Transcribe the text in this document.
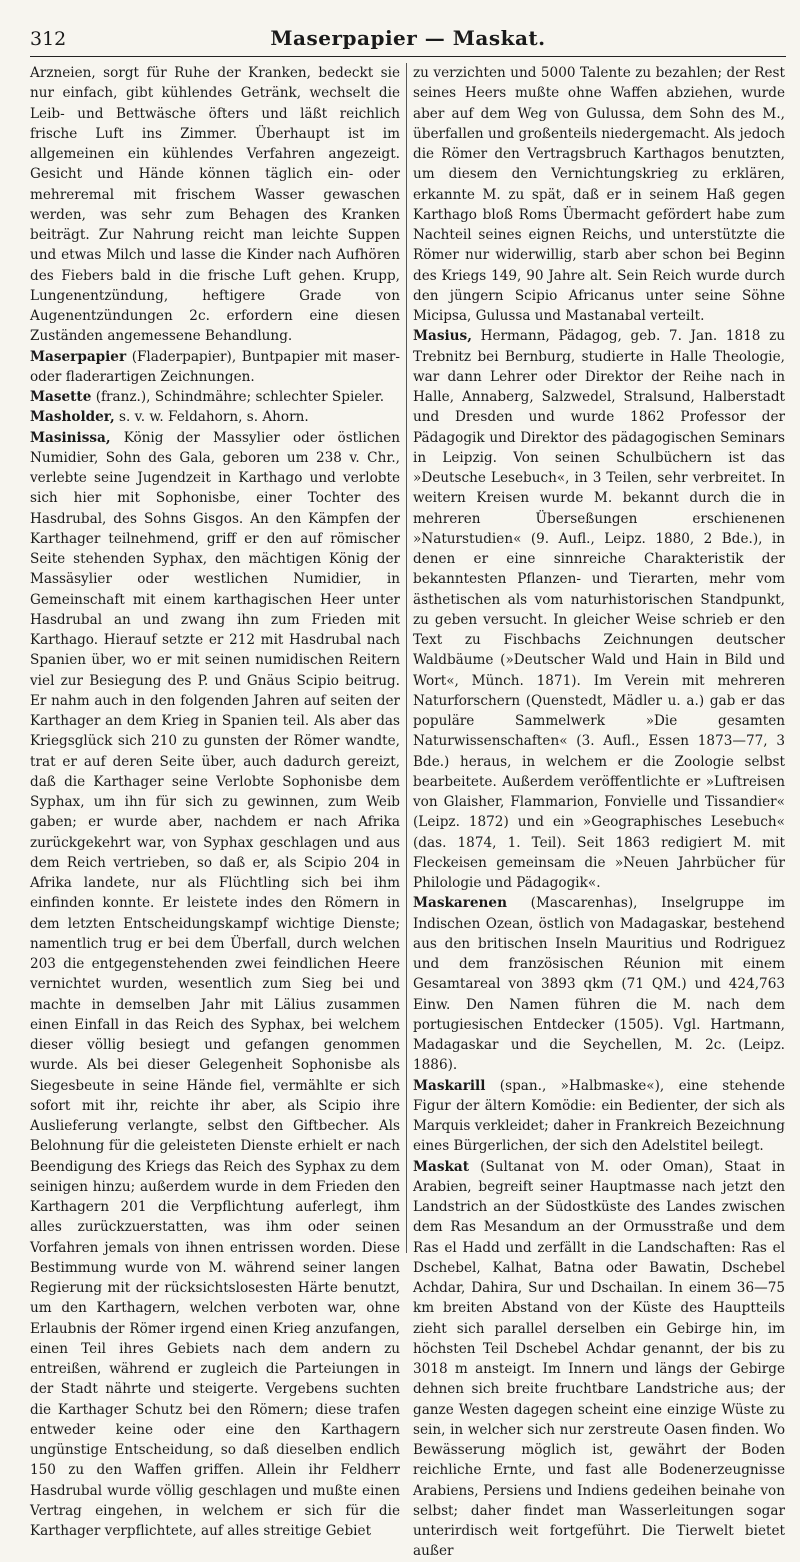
312	Maserpapier — Maskat.

Arzneien, sorgt für Ruhe der Kranken, bedeckt sie nur einfach, gibt kühlendes Getränk, wechselt die Leib- und Bettwäsche öfters und läßt reichlich frische Luft ins Zimmer. Überhaupt ist im allgemeinen ein kühlendes Verfahren angezeigt. Gesicht und Hände können täglich ein- oder mehreremal mit frischem Wasser gewaschen werden, was sehr zum Behagen des Kranken beiträgt. Zur Nahrung reicht man leichte Suppen und etwas Milch und lasse die Kinder nach Aufhören des Fiebers bald in die frische Luft gehen. Krupp, Lungenentzündung, heftigere Grade von Augenentzündungen 2c. erfordern eine diesen Zuständen angemessene Behandlung.

Maserpapier (Fladerpapier), Buntpapier mit maser- oder fladerartigen Zeichnungen.

Masette (franz.), Schindmähre; schlechter Spieler.

Masholder, s. v. w. Feldahorn, s. Ahorn.

Masinissa, König der Massylier oder östlichen Numidier, Sohn des Gala, geboren um 238 v. Chr., verlebte seine Jugendzeit in Karthago und verlobte sich hier mit Sophonisbe, einer Tochter des Hasdrubal, des Sohns Gisgos. An den Kämpfen der Karthager teilnehmend, griff er den auf römischer Seite stehenden Syphax, den mächtigen König der Massäsylier oder westlichen Numidier, in Gemeinschaft mit einem karthagischen Heer unter Hasdrubal an und zwang ihn zum Frieden mit Karthago. Hierauf setzte er 212 mit Hasdrubal nach Spanien über, wo er mit seinen numidischen Reitern viel zur Besiegung des P. und Gnäus Scipio beitrug. Er nahm auch in den folgenden Jahren auf seiten der Karthager an dem Krieg in Spanien teil. Als aber das Kriegsglück sich 210 zu gunsten der Römer wandte, trat er auf deren Seite über, auch dadurch gereizt, daß die Karthager seine Verlobte Sophonisbe dem Syphax, um ihn für sich zu gewinnen, zum Weib gaben; er wurde aber, nachdem er nach Afrika zurückgekehrt war, von Syphax geschlagen und aus dem Reich vertrieben, so daß er, als Scipio 204 in Afrika landete, nur als Flüchtling sich bei ihm einfinden konnte. Er leistete indes den Römern in dem letzten Entscheidungskampf wichtige Dienste; namentlich trug er bei dem Überfall, durch welchen 203 die entgegenstehenden zwei feindlichen Heere vernichtet wurden, wesentlich zum Sieg bei und machte in demselben Jahr mit Lälius zusammen einen Einfall in das Reich des Syphax, bei welchem dieser völlig besiegt und gefangen genommen wurde. Als bei dieser Gelegenheit Sophonisbe als Siegesbeute in seine Hände fiel, vermählte er sich sofort mit ihr, reichte ihr aber, als Scipio ihre Auslieferung verlangte, selbst den Giftbecher. Als Belohnung für die geleisteten Dienste erhielt er nach Beendigung des Kriegs das Reich des Syphax zu dem seinigen hinzu; außerdem wurde in dem Frieden den Karthagern 201 die Verpflichtung auferlegt, ihm alles zurückzuerstatten, was ihm oder seinen Vorfahren jemals von ihnen entrissen worden. Diese Bestimmung wurde von M. während seiner langen Regierung mit der rücksichtslosesten Härte benutzt, um den Karthagern, welchen verboten war, ohne Erlaubnis der Römer irgend einen Krieg anzufangen, einen Teil ihres Gebiets nach dem andern zu entreißen, während er zugleich die Parteiungen in der Stadt nährte und steigerte. Vergebens suchten die Karthager Schutz bei den Römern; diese trafen entweder keine oder eine den Karthagern ungünstige Entscheidung, so daß dieselben endlich 150 zu den Waffen griffen. Allein ihr Feldherr Hasdrubal wurde völlig geschlagen und mußte einen Vertrag eingehen, in welchem er sich für die Karthager verpflichtete, auf alles streitige Gebiet

zu verzichten und 5000 Talente zu bezahlen; der Rest seines Heers mußte ohne Waffen abziehen, wurde aber auf dem Weg von Gulussa, dem Sohn des M., überfallen und großenteils niedergemacht. Als jedoch die Römer den Vertragsbruch Karthagos benutzten, um diesem den Vernichtungskrieg zu erklären, erkannte M. zu spät, daß er in seinem Haß gegen Karthago bloß Roms Übermacht gefördert habe zum Nachteil seines eignen Reichs, und unterstützte die Römer nur widerwillig, starb aber schon bei Beginn des Kriegs 149, 90 Jahre alt. Sein Reich wurde durch den jüngern Scipio Africanus unter seine Söhne Micipsa, Gulussa und Mastanabal verteilt.

Masius, Hermann, Pädagog, geb. 7. Jan. 1818 zu Trebnitz bei Bernburg, studierte in Halle Theologie, war dann Lehrer oder Direktor der Reihe nach in Halle, Annaberg, Salzwedel, Stralsund, Halberstadt und Dresden und wurde 1862 Professor der Pädagogik und Direktor des pädagogischen Seminars in Leipzig. Von seinen Schulbüchern ist das »Deutsche Lesebuch«, in 3 Teilen, sehr verbreitet. In weitern Kreisen wurde M. bekannt durch die in mehreren Überseßungen erschienenen »Naturstudien« (9. Aufl., Leipz. 1880, 2 Bde.), in denen er eine sinnreiche Charakteristik der bekanntesten Pflanzen- und Tierarten, mehr vom ästhetischen als vom naturhistorischen Standpunkt, zu geben versucht. In gleicher Weise schrieb er den Text zu Fischbachs Zeichnungen deutscher Waldbäume (»Deutscher Wald und Hain in Bild und Wort«, Münch. 1871). Im Verein mit mehreren Naturforschern (Quenstedt, Mädler u. a.) gab er das populäre Sammelwerk »Die gesamten Naturwissenschaften« (3. Aufl., Essen 1873—77, 3 Bde.) heraus, in welchem er die Zoologie selbst bearbeitete. Außerdem veröffentlichte er »Luftreisen von Glaisher, Flammarion, Fonvielle und Tissandier« (Leipz. 1872) und ein »Geographisches Lesebuch« (das. 1874, 1. Teil). Seit 1863 redigiert M. mit Fleckeisen gemeinsam die »Neuen Jahrbücher für Philologie und Pädagogik«.

Maskarenen (Mascarenhas), Inselgruppe im Indischen Ozean, östlich von Madagaskar, bestehend aus den britischen Inseln Mauritius und Rodriguez und dem französischen Réunion mit einem Gesamtareal von 3893 qkm (71 QM.) und 424,763 Einw. Den Namen führen die M. nach dem portugiesischen Entdecker (1505). Vgl. Hartmann, Madagaskar und die Seychellen, M. 2c. (Leipz. 1886).

Maskarill (span., »Halbmaske«), eine stehende Figur der ältern Komödie: ein Bedienter, der sich als Marquis verkleidet; daher in Frankreich Bezeichnung eines Bürgerlichen, der sich den Adelstitel beilegt.

Maskat (Sultanat von M. oder Oman), Staat in Arabien, begreift seiner Hauptmasse nach jetzt den Landstrich an der Südostküste des Landes zwischen dem Ras Mesandum an der Ormusstraße und dem Ras el Hadd und zerfällt in die Landschaften: Ras el Dschebel, Kalhat, Batna oder Bawatin, Dschebel Achdar, Dahira, Sur und Dschailan. In einem 36—75 km breiten Abstand von der Küste des Hauptteils zieht sich parallel derselben ein Gebirge hin, im höchsten Teil Dschebel Achdar genannt, der bis zu 3018 m ansteigt. Im Innern und längs der Gebirge dehnen sich breite fruchtbare Landstriche aus; der ganze Westen dagegen scheint eine einzige Wüste zu sein, in welcher sich nur zerstreute Oasen finden. Wo Bewässerung möglich ist, gewährt der Boden reichliche Ernte, und fast alle Bodenerzeugnisse Arabiens, Persiens und Indiens gedeihen beinahe von selbst; daher findet man Wasserleitungen sogar unterirdisch weit fortgeführt. Die Tierwelt bietet außer
